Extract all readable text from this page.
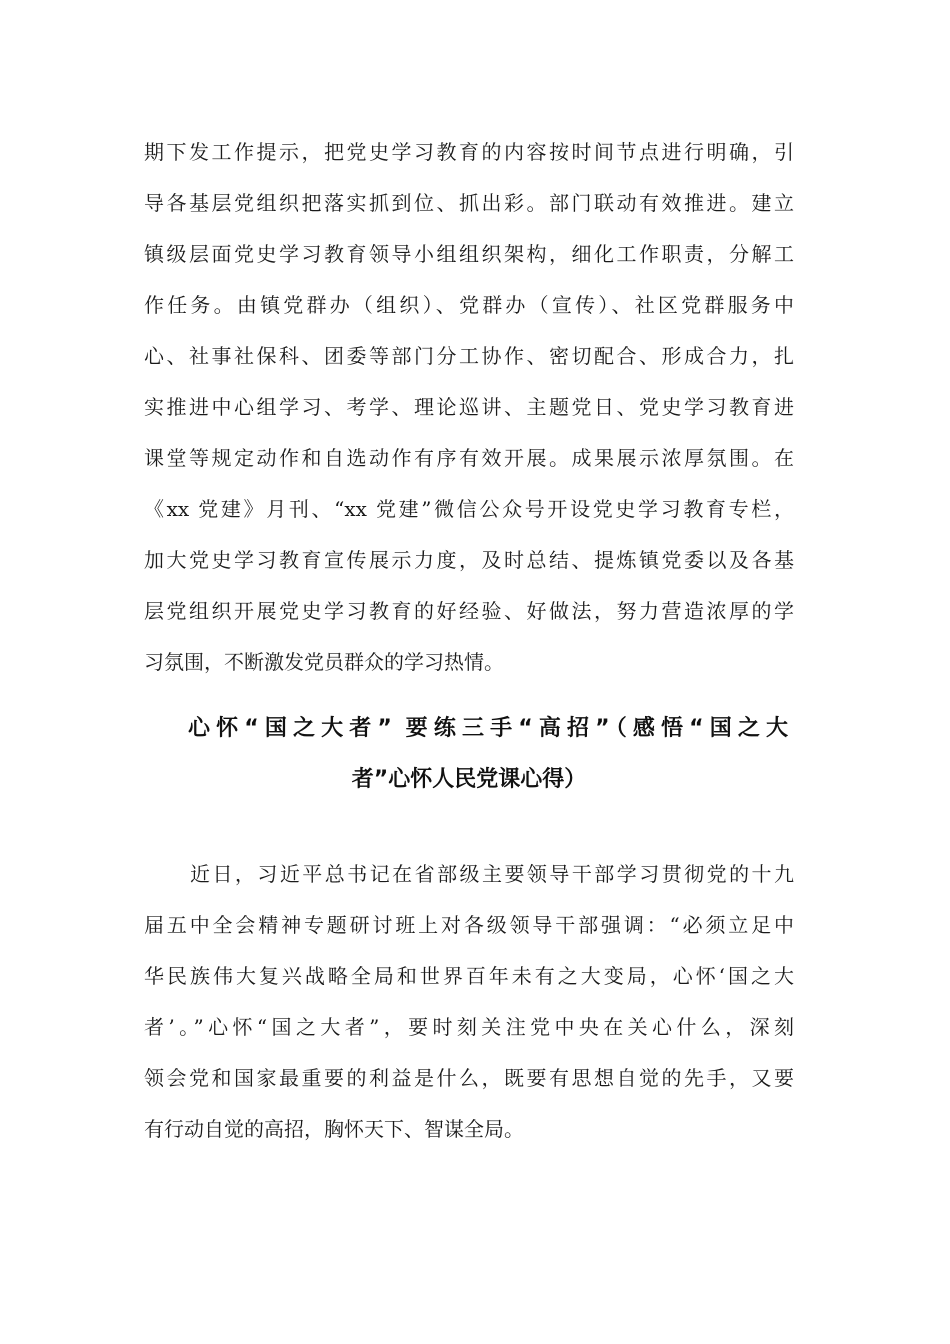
期下发工作提示，把党史学习教育的内容按时间节点进行明确，引
导各基层党组织把落实抓到位、抓出彩。部门联动有效推进。建立
镇级层面党史学习教育领导小组组织架构，细化工作职责，分解工
作任务。由镇党群办（组织）、党群办（宣传）、社区党群服务中
心、社事社保科、团委等部门分工协作、密切配合、形成合力，扎
实推进中心组学习、考学、理论巡讲、主题党日、党史学习教育进
课堂等规定动作和自选动作有序有效开展。成果展示浓厚氛围。在
《xx 党建》月刊、“xx 党建”微信公众号开设党史学习教育专栏，
加大党史学习教育宣传展示力度，及时总结、提炼镇党委以及各基
层党组织开展党史学习教育的好经验、好做法，努力营造浓厚的学
习氛围，不断激发党员群众的学习热情。
心怀“国之大者” 要练三手“高招”（感悟“国之大
者”心怀人民党课心得）
近日，习近平总书记在省部级主要领导干部学习贯彻党的十九
届五中全会精神专题研讨班上对各级领导干部强调：“必须立足中
华民族伟大复兴战略全局和世界百年未有之大变局，心怀‘国之大
者’。”心怀“国之大者”，要时刻关注党中央在关心什么，深刻
领会党和国家最重要的利益是什么，既要有思想自觉的先手，又要
有行动自觉的高招，胸怀天下、智谋全局。
